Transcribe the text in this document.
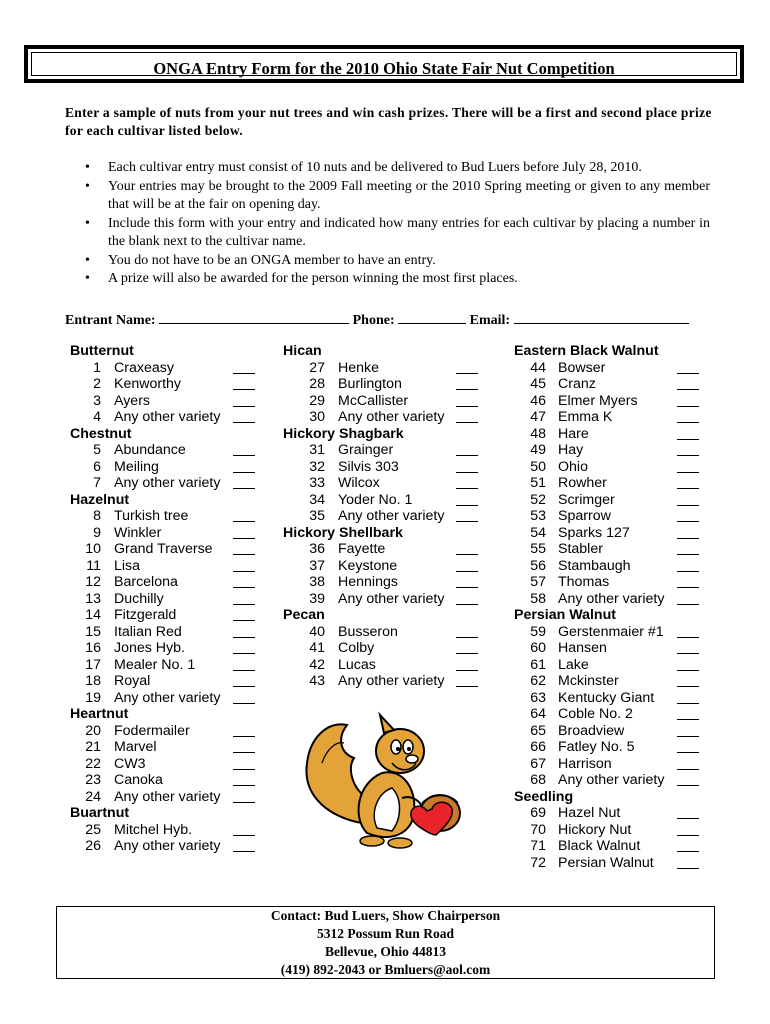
ONGA Entry Form for the 2010 Ohio State Fair Nut Competition
Enter a sample of nuts from your nut trees and win cash prizes. There will be a first and second place prize for each cultivar listed below.
• Each cultivar entry must consist of 10 nuts and be delivered to Bud Luers before July 28, 2010.
• Your entries may be brought to the 2009 Fall meeting or the 2010 Spring meeting or given to any member that will be at the fair on opening day.
• Include this form with your entry and indicated how many entries for each cultivar by placing a number in the blank next to the cultivar name.
• You do not have to be an ONGA member to have an entry.
• A prize will also be awarded for the person winning the most first places.
Entrant Name:	Phone:	Email:
Butternut
1 Craxeasy
2 Kenworthy
3 Ayers
4 Any other variety
Chestnut
5 Abundance
6 Meiling
7 Any other variety
Hazelnut
8 Turkish tree
9 Winkler
10 Grand Traverse
11 Lisa
12 Barcelona
13 Duchilly
14 Fitzgerald
15 Italian Red
16 Jones Hyb.
17 Mealer No. 1
18 Royal
19 Any other variety
Heartnut
20 Fodermailer
21 Marvel
22 CW3
23 Canoka
24 Any other variety
Buartnut
25 Mitchel Hyb.
26 Any other variety
Hican
27 Henke
28 Burlington
29 McCallister
30 Any other variety
Hickory Shagbark
31 Grainger
32 Silvis 303
33 Wilcox
34 Yoder No. 1
35 Any other variety
Hickory Shellbark
36 Fayette
37 Keystone
38 Hennings
39 Any other variety
Pecan
40 Busseron
41 Colby
42 Lucas
43 Any other variety
Eastern Black Walnut
44 Bowser
45 Cranz
46 Elmer Myers
47 Emma K
48 Hare
49 Hay
50 Ohio
51 Rowher
52 Scrimger
53 Sparrow
54 Sparks 127
55 Stabler
56 Stambaugh
57 Thomas
58 Any other variety
Persian Walnut
59 Gerstenmaier #1
60 Hansen
61 Lake
62 Mckinster
63 Kentucky Giant
64 Coble No. 2
65 Broadview
66 Fatley No. 5
67 Harrison
68 Any other variety
Seedling
69 Hazel Nut
70 Hickory Nut
71 Black Walnut
72 Persian Walnut
Contact: Bud Luers, Show Chairperson
5312 Possum Run Road
Bellevue, Ohio 44813
(419) 892-2043 or Bmluers@aol.com
